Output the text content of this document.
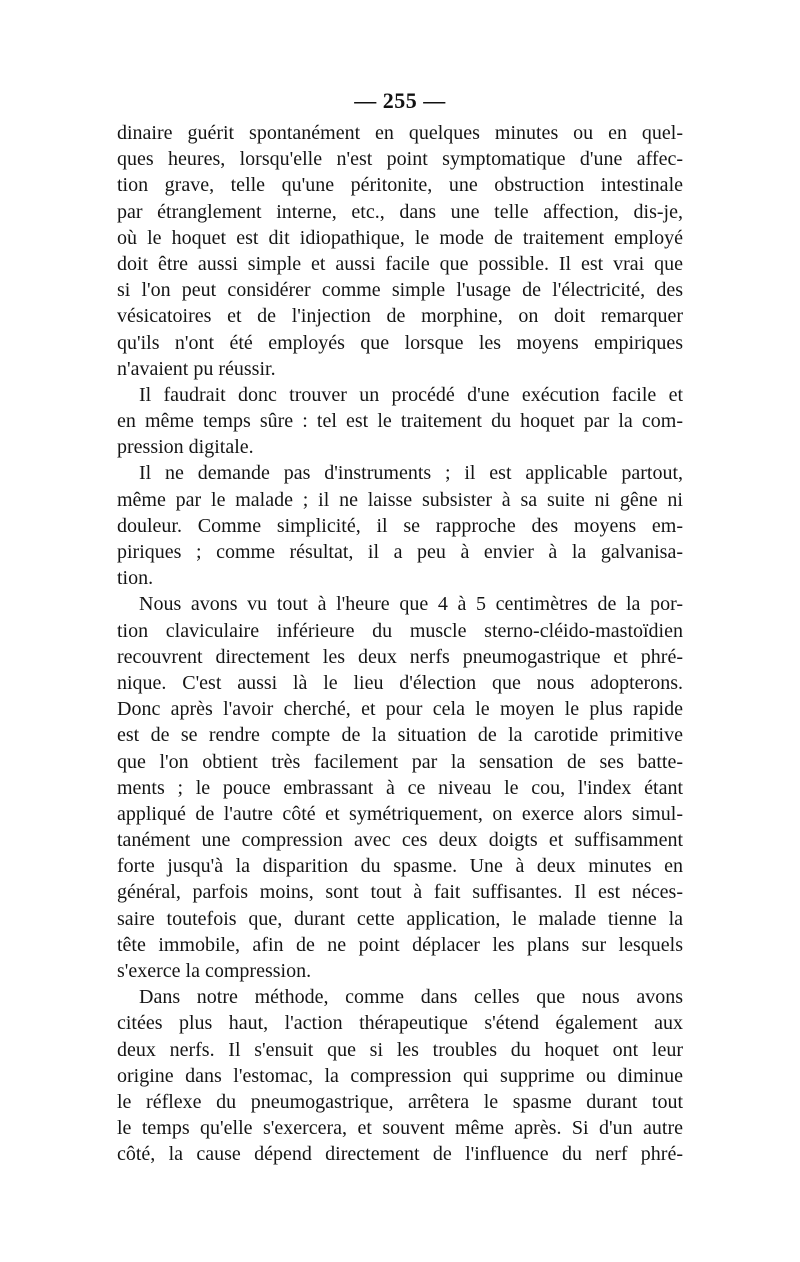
— 255 —
dinaire guérit spontanément en quelques minutes ou en quel-
ques heures, lorsqu'elle n'est point symptomatique d'une affec-
tion grave, telle qu'une péritonite, une obstruction intestinale
par étranglement interne, etc., dans une telle affection, dis-je,
où le hoquet est dit idiopathique, le mode de traitement employé
doit être aussi simple et aussi facile que possible. Il est vrai que
si l'on peut considérer comme simple l'usage de l'électricité, des
vésicatoires et de l'injection de morphine, on doit remarquer
qu'ils n'ont été employés que lorsque les moyens empiriques
n'avaient pu réussir.
Il faudrait donc trouver un procédé d'une exécution facile et
en même temps sûre : tel est le traitement du hoquet par la com-
pression digitale.
Il ne demande pas d'instruments ; il est applicable partout,
même par le malade ; il ne laisse subsister à sa suite ni gêne ni
douleur. Comme simplicité, il se rapproche des moyens em-
piriques ; comme résultat, il a peu à envier à la galvanisa-
tion.
Nous avons vu tout à l'heure que 4 à 5 centimètres de la por-
tion claviculaire inférieure du muscle sterno-cléido-mastoïdien
recouvrent directement les deux nerfs pneumogastrique et phré-
nique. C'est aussi là le lieu d'élection que nous adopterons.
Donc après l'avoir cherché, et pour cela le moyen le plus rapide
est de se rendre compte de la situation de la carotide primitive
que l'on obtient très facilement par la sensation de ses batte-
ments ; le pouce embrassant à ce niveau le cou, l'index étant
appliqué de l'autre côté et symétriquement, on exerce alors simul-
tanément une compression avec ces deux doigts et suffisamment
forte jusqu'à la disparition du spasme. Une à deux minutes en
général, parfois moins, sont tout à fait suffisantes. Il est néces-
saire toutefois que, durant cette application, le malade tienne la
tête immobile, afin de ne point déplacer les plans sur lesquels
s'exerce la compression.
Dans notre méthode, comme dans celles que nous avons
citées plus haut, l'action thérapeutique s'étend également aux
deux nerfs. Il s'ensuit que si les troubles du hoquet ont leur
origine dans l'estomac, la compression qui supprime ou diminue
le réflexe du pneumogastrique, arrêtera le spasme durant tout
le temps qu'elle s'exercera, et souvent même après. Si d'un autre
côté, la cause dépend directement de l'influence du nerf phré-
